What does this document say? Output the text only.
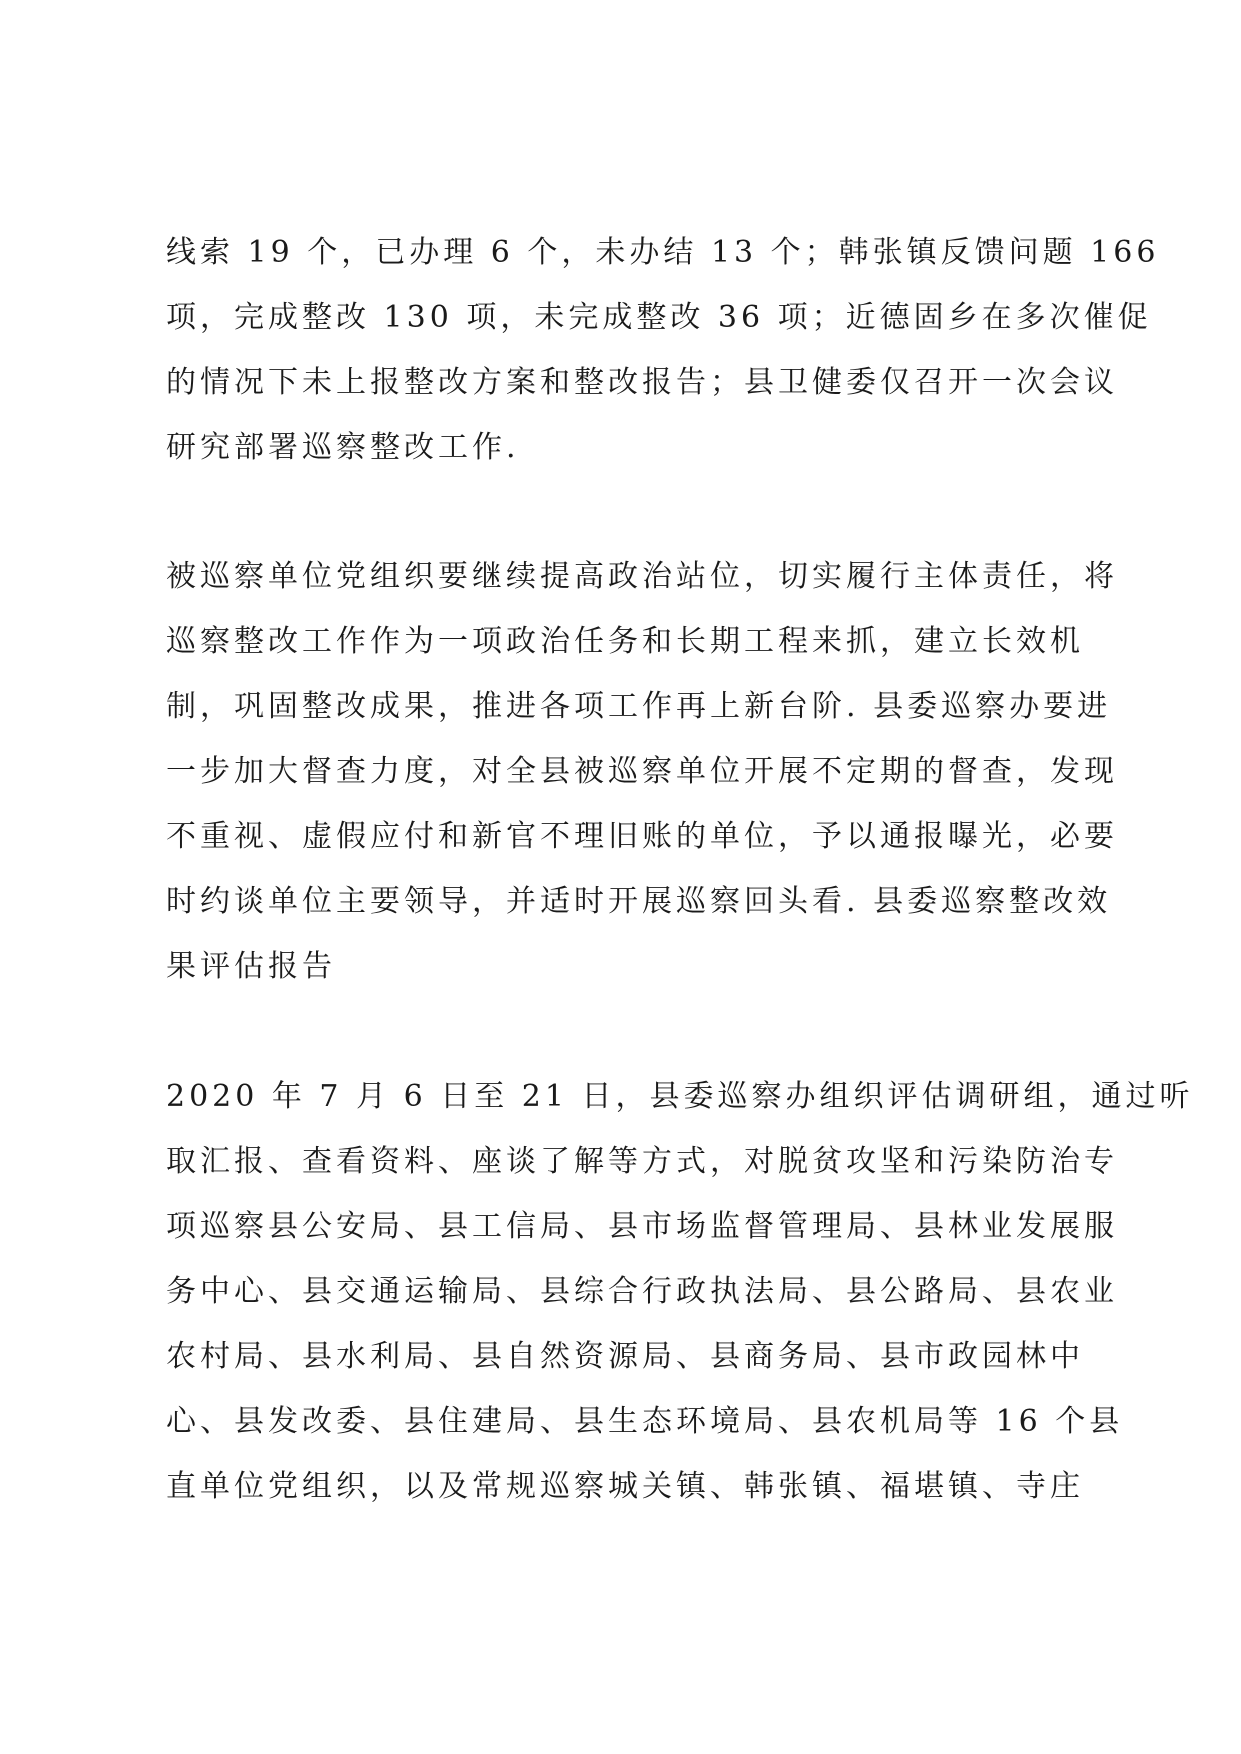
线索 19 个，已办理 6 个，未办结 13 个；韩张镇反馈问题 166
项，完成整改 130 项，未完成整改 36 项；近德固乡在多次催促
的情况下未上报整改方案和整改报告；县卫健委仅召开一次会议
研究部署巡察整改工作.
被巡察单位党组织要继续提高政治站位，切实履行主体责任，将
巡察整改工作作为一项政治任务和长期工程来抓，建立长效机
制，巩固整改成果，推进各项工作再上新台阶. 县委巡察办要进
一步加大督查力度，对全县被巡察单位开展不定期的督查，发现
不重视、虚假应付和新官不理旧账的单位，予以通报曝光，必要
时约谈单位主要领导，并适时开展巡察回头看. 县委巡察整改效
果评估报告
2020 年 7 月 6 日至 21 日，县委巡察办组织评估调研组，通过听
取汇报、查看资料、座谈了解等方式，对脱贫攻坚和污染防治专
项巡察县公安局、县工信局、县市场监督管理局、县林业发展服
务中心、县交通运输局、县综合行政执法局、县公路局、县农业
农村局、县水利局、县自然资源局、县商务局、县市政园林中
心、县发改委、县住建局、县生态环境局、县农机局等 16 个县
直单位党组织，以及常规巡察城关镇、韩张镇、福堪镇、寺庄
